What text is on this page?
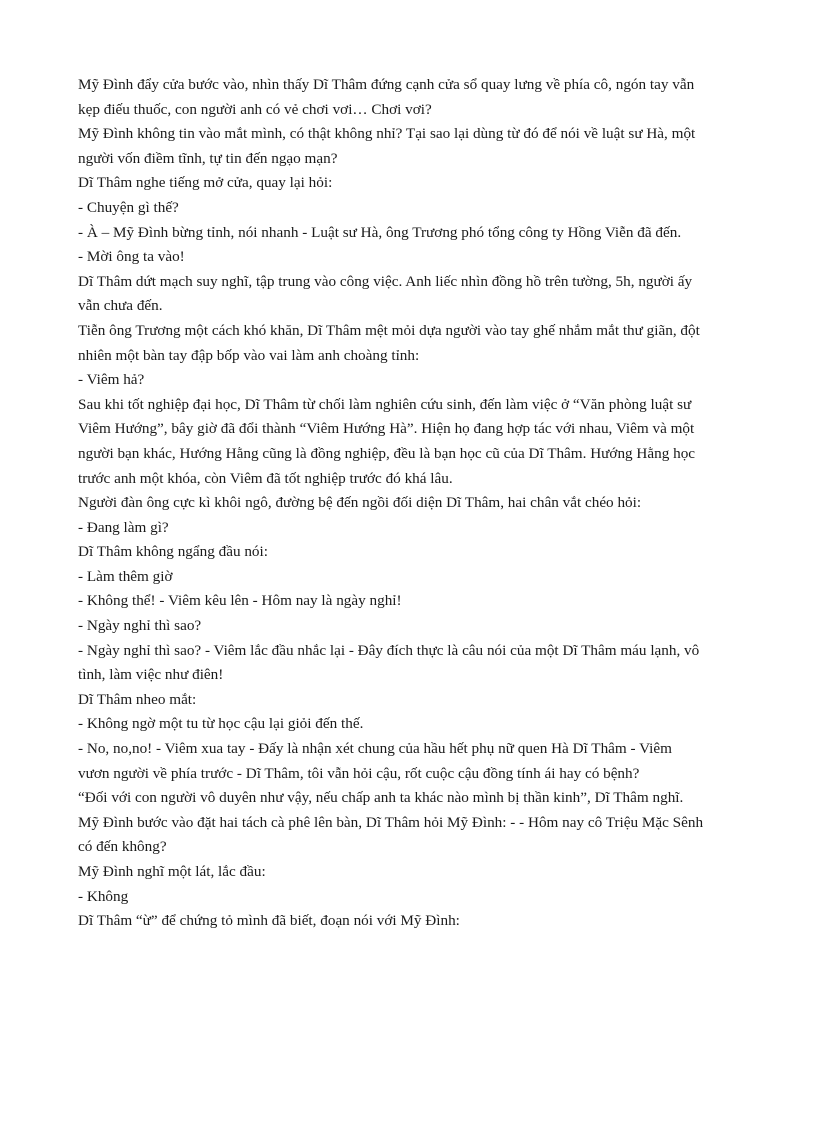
Mỹ Đình đẩy cửa bước vào, nhìn thấy Dĩ Thâm đứng cạnh cửa sổ quay lưng về phía cô, ngón tay vẫn
kẹp điếu thuốc, con người anh có vẻ chơi vơi… Chơi vơi?
Mỹ Đình không tin vào mắt mình, có thật không nhỉ? Tại sao lại dùng từ đó để nói về luật sư Hà, một
người vốn điềm tĩnh, tự tin đến ngạo mạn?
Dĩ Thâm nghe tiếng mở cửa, quay lại hỏi:
- Chuyện gì thế?
- À – Mỹ Đình bừng tỉnh, nói nhanh - Luật sư Hà, ông Trương phó tổng công ty Hồng Viễn đã đến.
- Mời ông ta vào!
Dĩ Thâm dứt mạch suy nghĩ, tập trung vào công việc. Anh liếc nhìn đồng hồ trên tường, 5h, người ấy
vẫn chưa đến.
Tiễn ông Trương một cách khó khăn, Dĩ Thâm mệt mỏi dựa người vào tay ghế nhắm mắt thư giãn, đột
nhiên một bàn tay đập bốp vào vai làm anh choàng tỉnh:
- Viêm hả?
Sau khi tốt nghiệp đại học, Dĩ Thâm từ chối làm nghiên cứu sinh, đến làm việc ở “Văn phòng luật sư
Viêm Hướng”, bây giờ đã đổi thành “Viêm Hướng Hà”. Hiện họ đang hợp tác với nhau, Viêm và một
người bạn khác, Hướng Hằng cũng là đồng nghiệp, đều là bạn học cũ của Dĩ Thâm. Hướng Hằng học
trước anh một khóa, còn Viêm đã tốt nghiệp trước đó khá lâu.
Người đàn ông cực kì khôi ngô, đường bệ đến ngồi đối diện Dĩ Thâm, hai chân vắt chéo hỏi:
- Đang làm gì?
Dĩ Thâm không ngẩng đầu nói:
- Làm thêm giờ
- Không thể! - Viêm kêu lên - Hôm nay là ngày nghỉ!
- Ngày nghỉ thì sao?
- Ngày nghỉ thì sao? - Viêm lắc đầu nhắc lại - Đây đích thực là câu nói của một Dĩ Thâm máu lạnh, vô
tình, làm việc như điên!
Dĩ Thâm nheo mắt:
- Không ngờ một tu từ học cậu lại giỏi đến thế.
- No, no,no! - Viêm xua tay - Đấy là nhận xét chung của hầu hết phụ nữ quen Hà Dĩ Thâm - Viêm
vươn người về phía trước - Dĩ Thâm, tôi vẫn hỏi cậu, rốt cuộc cậu đồng tính ái hay có bệnh?
“Đối với con người vô duyên như vậy, nếu chấp anh ta khác nào mình bị thần kinh”, Dĩ Thâm nghĩ.
Mỹ Đình bước vào đặt hai tách cà phê lên bàn, Dĩ Thâm hỏi Mỹ Đình: - - Hôm nay cô Triệu Mặc Sênh
có đến không?
Mỹ Đình nghĩ một lát, lắc đầu:
- Không
Dĩ Thâm “ừ” để chứng tỏ mình đã biết, đoạn nói với Mỹ Đình:
